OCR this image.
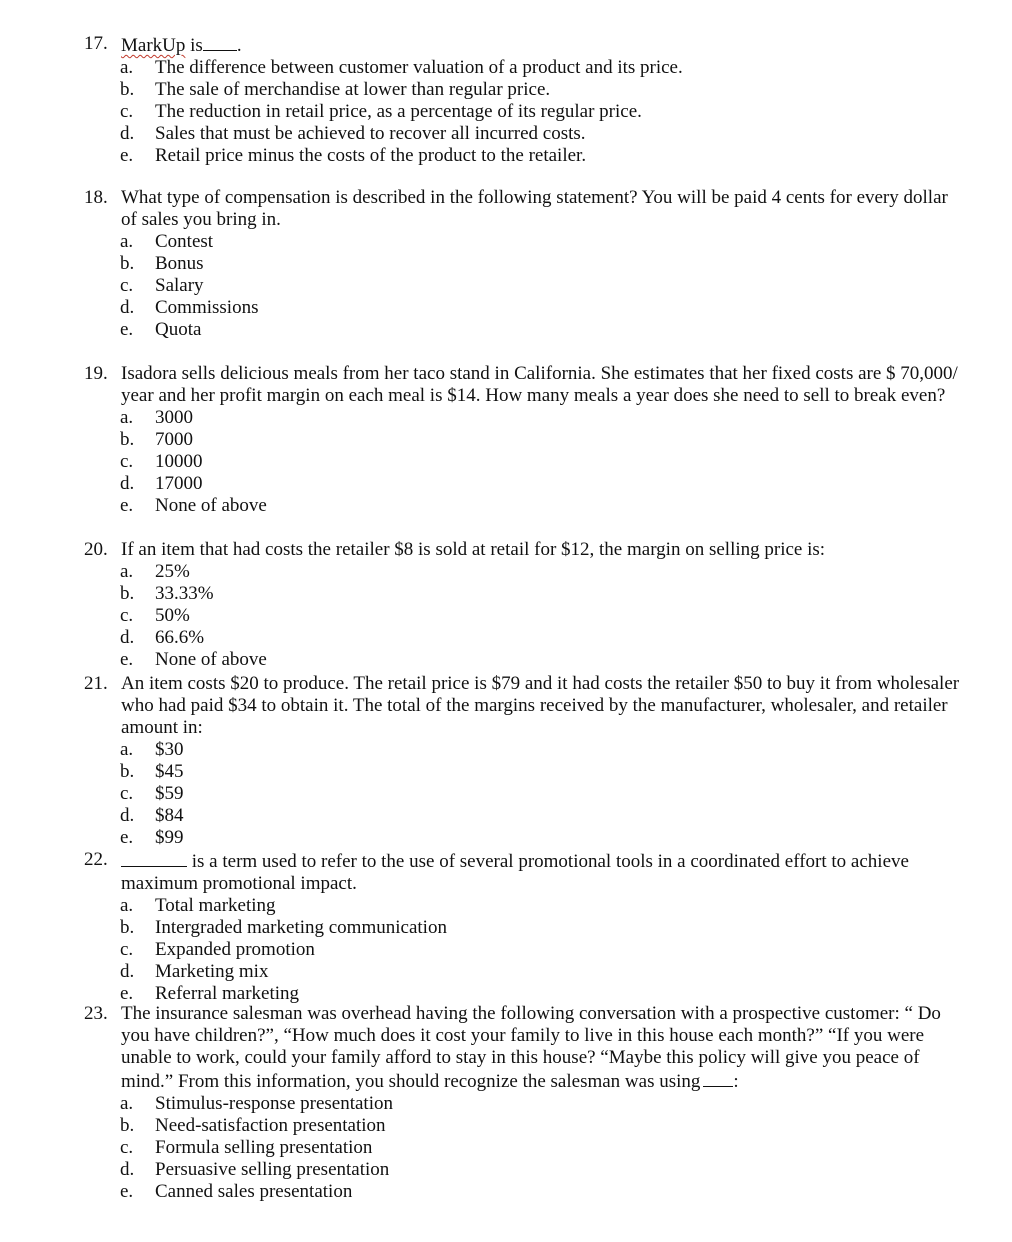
17. MarkUp is .
a. The difference between customer valuation of a product and its price.
b. The sale of merchandise at lower than regular price.
c. The reduction in retail price, as a percentage of its regular price.
d. Sales that must be achieved to recover all incurred costs.
e. Retail price minus the costs of the product to the retailer.
18. What type of compensation is described in the following statement? You will be paid 4 cents for every dollar of sales you bring in.
a. Contest
b. Bonus
c. Salary
d. Commissions
e. Quota
19. Isadora sells delicious meals from her taco stand in California. She estimates that her fixed costs are $ 70,000/ year and her profit margin on each meal is $14. How many meals a year does she need to sell to break even?
a. 3000
b. 7000
c. 10000
d. 17000
e. None of above
20. If an item that had costs the retailer $8 is sold at retail for $12, the margin on selling price is:
a. 25%
b. 33.33%
c. 50%
d. 66.6%
e. None of above
21. An item costs $20 to produce. The retail price is $79 and it had costs the retailer $50 to buy it from wholesaler who had paid $34 to obtain it. The total of the margins received by the manufacturer, wholesaler, and retailer amount in:
a. $30
b. $45
c. $59
d. $84
e. $99
22.	is a term used to refer to the use of several promotional tools in a coordinated effort to achieve maximum promotional impact.
a. Total marketing
b. Intergraded marketing communication
c. Expanded promotion
d. Marketing mix
e. Referral marketing
23. The insurance salesman was overhead having the following conversation with a prospective customer: “ Do you have children?”, “How much does it cost your family to live in this house each month?” “If you were unable to work, could your family afford to stay in this house? “Maybe this policy will give you peace of mind.” From this information, you should recognize the salesman was using :
a. Stimulus-response presentation
b. Need-satisfaction presentation
c. Formula selling presentation
d. Persuasive selling presentation
e. Canned sales presentation
